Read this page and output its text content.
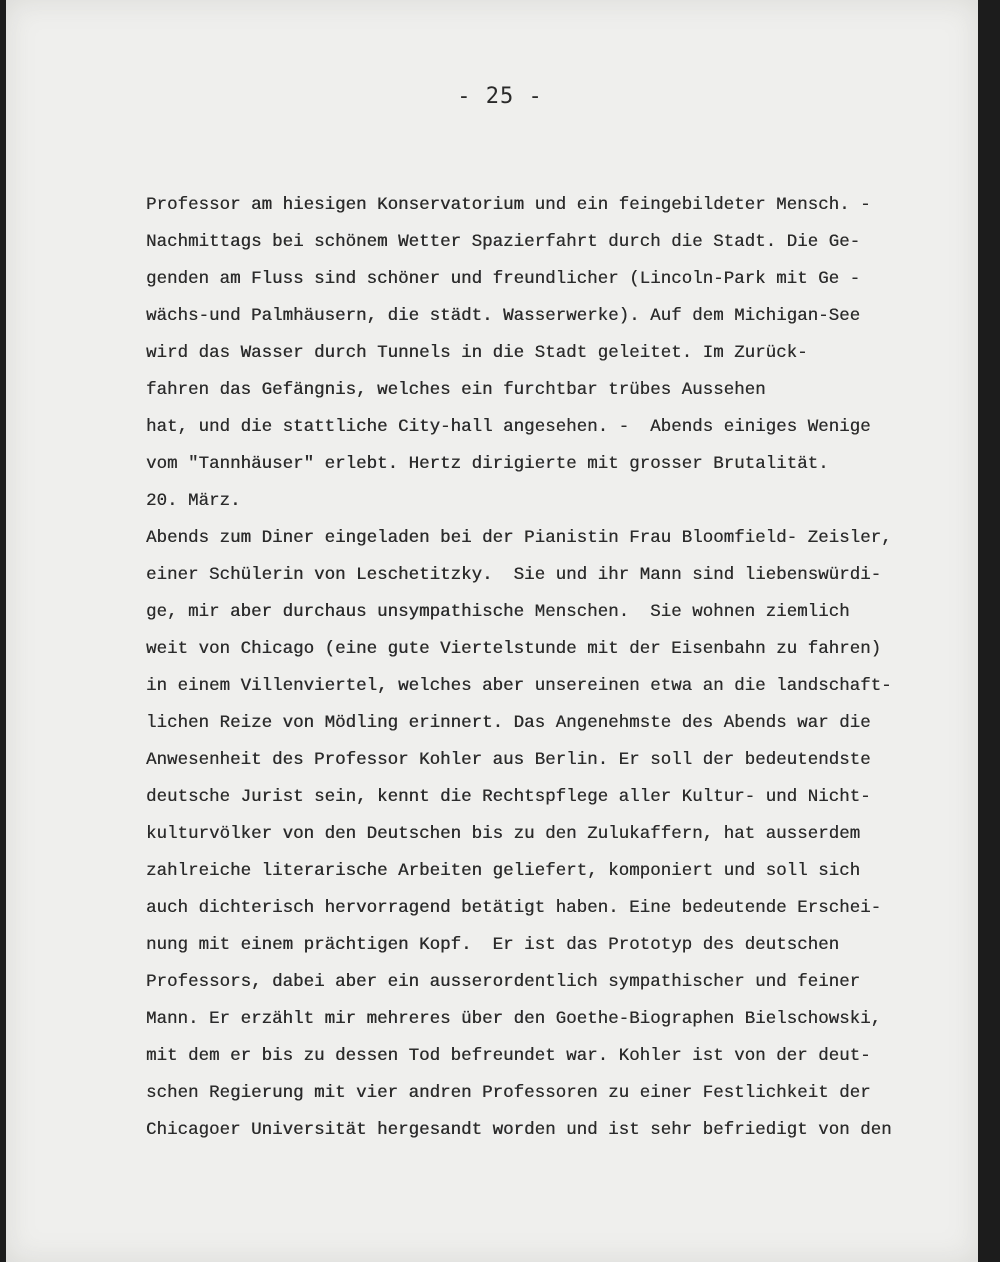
- 25 -
Professor am hiesigen Konservatorium und ein feingebildeter Mensch. -
Nachmittags bei schönem Wetter Spazierfahrt durch die Stadt. Die Ge-
genden am Fluss sind schöner und freundlicher (Lincoln-Park mit Ge -
wächs-und Palmhäusern, die städt. Wasserwerke). Auf dem Michigan-See
wird das Wasser durch Tunnels in die Stadt geleitet. Im Zurück-
fahren das Gefängnis, welches ein furchtbar trübes Aussehen
hat, und die stattliche City-hall angesehen. -  Abends einiges Wenige
vom "Tannhäuser" erlebt. Hertz dirigierte mit grosser Brutalität.
20. März.
Abends zum Diner eingeladen bei der Pianistin Frau Bloomfield- Zeisler,
einer Schülerin von Leschetitzky.  Sie und ihr Mann sind liebenswürdi-
ge, mir aber durchaus unsympathische Menschen.  Sie wohnen ziemlich
weit von Chicago (eine gute Viertelstunde mit der Eisenbahn zu fahren)
in einem Villenviertel, welches aber unsereinen etwa an die landschaft-
lichen Reize von Mödling erinnert. Das Angenehmste des Abends war die
Anwesenheit des Professor Kohler aus Berlin. Er soll der bedeutendste
deutsche Jurist sein, kennt die Rechtspflege aller Kultur- und Nicht-
kulturvölker von den Deutschen bis zu den Zulukaffern, hat ausserdem
zahlreiche literarische Arbeiten geliefert, komponiert und soll sich
auch dichterisch hervorragend betätigt haben. Eine bedeutende Erschei-
nung mit einem prächtigen Kopf.  Er ist das Prototyp des deutschen
Professors, dabei aber ein ausserordentlich sympathischer und feiner
Mann. Er erzählt mir mehreres über den Goethe-Biographen Bielschowski,
mit dem er bis zu dessen Tod befreundet war. Kohler ist von der deut-
schen Regierung mit vier andren Professoren zu einer Festlichkeit der
Chicagoer Universität hergesandt worden und ist sehr befriedigt von den
